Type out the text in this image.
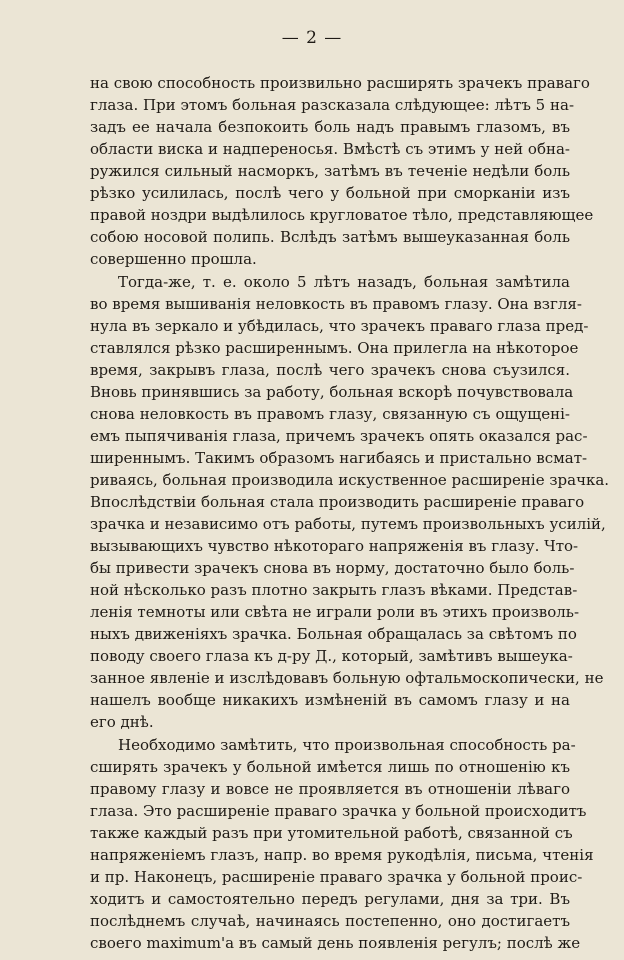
— 2 —
на свою способность произвильно расширять зрачекъ праваго
глаза. При этомъ больная разсказала слѣдующее: лѣтъ 5 на-
задъ ее начала безпокоить боль надъ правымъ глазомъ, въ
области виска и надпереносья. Вмѣстѣ съ этимъ у ней обна-
ружился сильный насморкъ, затѣмъ въ теченіе недѣли боль
рѣзко усилилась, послѣ чего у больной при сморканіи изъ
правой ноздри выдѣлилось кругловатое тѣло, представляющее
собою носовой полипь. Вслѣдъ затѣмъ вышеуказанная боль
совершенно прошла.
Тогда-же, т. е. около 5 лѣтъ назадъ, больная замѣтила
во время вышиванія неловкость въ правомъ глазу. Она взгля-
нула въ зеркало и убѣдилась, что зрачекъ праваго глаза пред-
ставлялся рѣзко расширеннымъ. Она прилегла на нѣкоторое
время, закрывъ глаза, послѣ чего зрачекъ снова съузился.
Вновь принявшись за работу, больная вскорѣ почувствовала
снова неловкость въ правомъ глазу, связанную съ ощущені-
емъ пыпячиванія глаза, причемъ зрачекъ опять оказался рас-
ширеннымъ. Такимъ образомъ нагибаясь и пристально всмат-
риваясь, больная производила искуственное расширеніе зрачка.
Впослѣдствіи больная стала производить расширеніе праваго
зрачка и независимо отъ работы, путемъ произвольныхъ усилій,
вызывающихъ чувство нѣкотораго напряженія въ глазу. Что-
бы привести зрачекъ снова въ норму, достаточно было боль-
ной нѣсколько разъ плотно закрыть глазъ вѣками. Представ-
ленія темноты или свѣта не играли роли въ этихъ произволь-
ныхъ движеніяхъ зрачка. Больная обращалась за свѣтомъ по
поводу своего глаза къ д-ру Д., который, замѣтивъ вышеука-
занное явленіе и изслѣдовавъ больную офтальмоскопически, не
нашелъ вообще никакихъ измѣненій въ самомъ глазу и на
его днѣ.
Необходимо замѣтить, что произвольная способность ра-
сширять зрачекъ у больной имѣется лишь по отношенію къ
правому глазу и вовсе не проявляется въ отношеніи лѣваго
глаза. Это расширеніе праваго зрачка у больной происходитъ
также каждый разъ при утомительной работѣ, связанной съ
напряженіемъ глазъ, напр. во время рукодѣлія, письма, чтенія
и пр. Наконецъ, расширеніе праваго зрачка у больной проис-
ходитъ и самостоятельно передъ регулами, дня за три. Въ
послѣднемъ случаѣ, начинаясь постепенно, оно достигаетъ
своего maximum'a въ самый день появленія регулъ; послѣ же
